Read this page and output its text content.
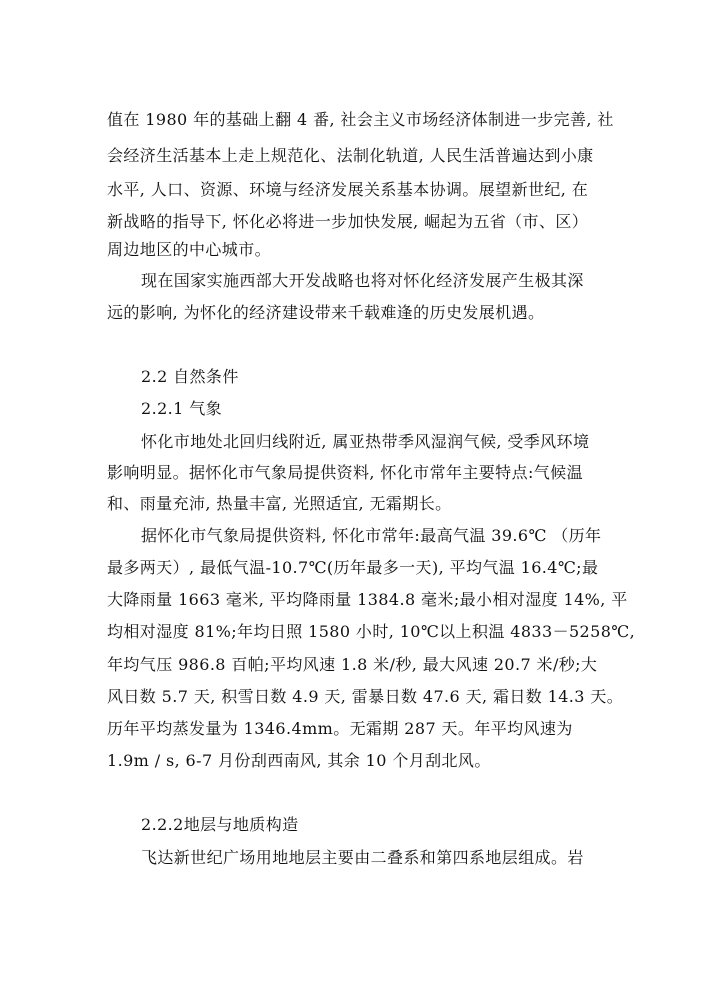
值在 1980 年的基础上翻 4 番, 社会主义市场经济体制进一步完善, 社
会经济生活基本上走上规范化、法制化轨道, 人民生活普遍达到小康
水平, 人口、资源、环境与经济发展关系基本协调。展望新世纪, 在
新战略的指导下, 怀化必将进一步加快发展, 崛起为五省（市、区）
周边地区的中心城市。
现在国家实施西部大开发战略也将对怀化经济发展产生极其深
远的影响, 为怀化的经济建设带来千载难逢的历史发展机遇。
2.2 自然条件
2.2.1 气象
怀化市地处北回归线附近, 属亚热带季风湿润气候, 受季风环境
影响明显。据怀化市气象局提供资料, 怀化市常年主要特点:气候温
和、雨量充沛, 热量丰富, 光照适宜, 无霜期长。
据怀化市气象局提供资料, 怀化市常年:最高气温 39.6℃ （历年
最多两天）, 最低气温-10.7℃(历年最多一天), 平均气温 16.4℃;最
大降雨量 1663 毫米, 平均降雨量 1384.8 毫米;最小相对湿度 14%, 平
均相对湿度 81%;年均日照 1580 小时, 10℃以上积温 4833－5258℃,
年均气压 986.8 百帕;平均风速 1.8 米/秒, 最大风速 20.7 米/秒;大
风日数 5.7 天, 积雪日数 4.9 天, 雷暴日数 47.6 天, 霜日数 14.3 天。
历年平均蒸发量为 1346.4mm。无霜期 287 天。年平均风速为
1.9m / s, 6-7 月份刮西南风, 其余 10 个月刮北风。
2.2.2地层与地质构造
飞达新世纪广场用地地层主要由二叠系和第四系地层组成。岩
